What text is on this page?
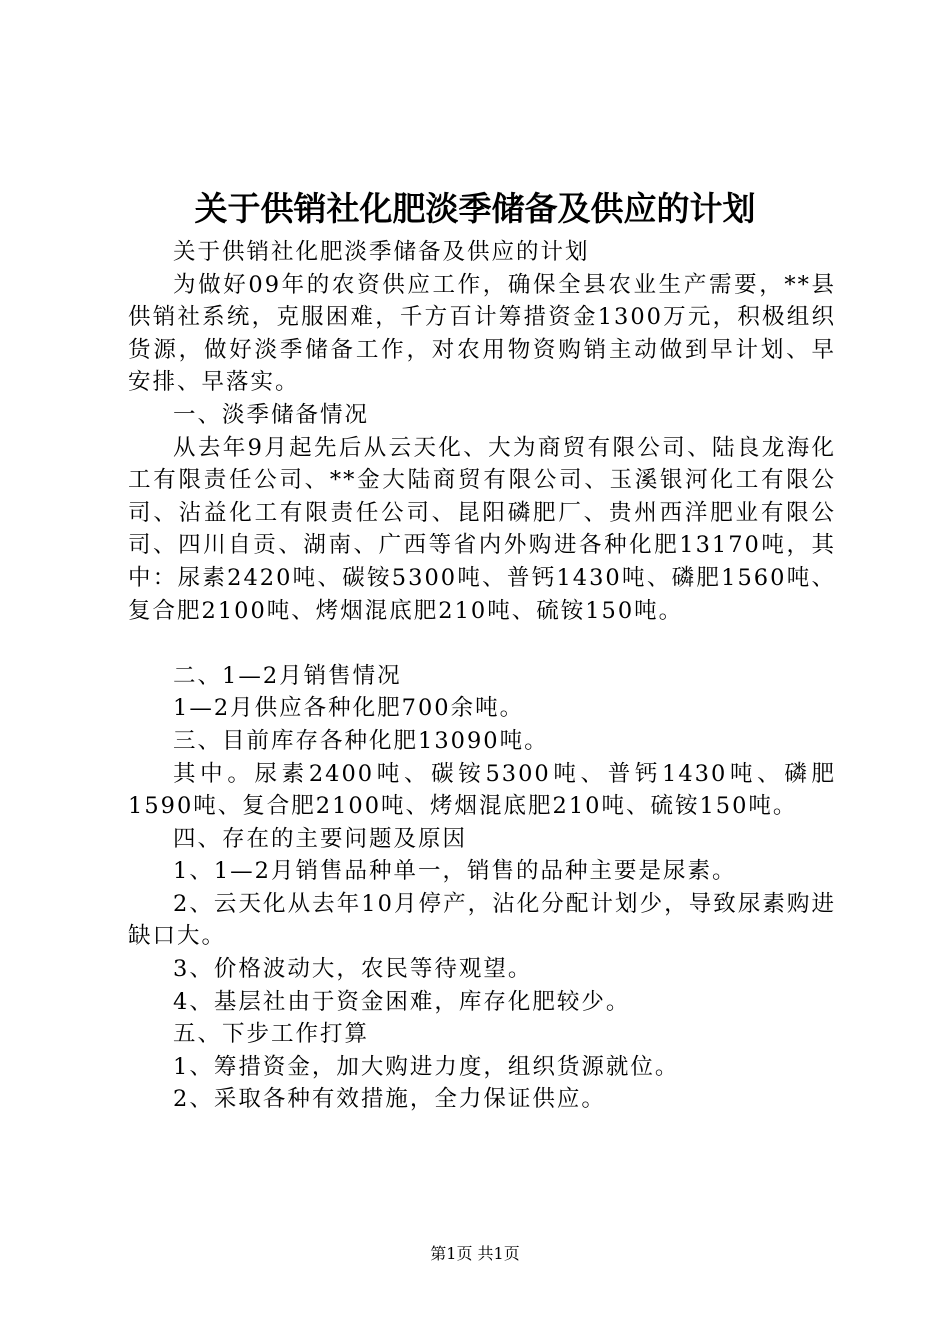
关于供销社化肥淡季储备及供应的计划

关于供销社化肥淡季储备及供应的计划

为做好09年的农资供应工作，确保全县农业生产需要，**县供销社系统，克服困难，千方百计筹措资金1300万元，积极组织货源，做好淡季储备工作，对农用物资购销主动做到早计划、早安排、早落实。

一、淡季储备情况

从去年9月起先后从云天化、大为商贸有限公司、陆良龙海化工有限责任公司、**金大陆商贸有限公司、玉溪银河化工有限公司、沾益化工有限责任公司、昆阳磷肥厂、贵州西洋肥业有限公司、四川自贡、湖南、广西等省内外购进各种化肥13170吨，其中：尿素2420吨、碳铵5300吨、普钙1430吨、磷肥1560吨、复合肥2100吨、烤烟混底肥210吨、硫铵150吨。

二、1—2月销售情况

1—2月供应各种化肥700余吨。

三、目前库存各种化肥13090吨。

其中。尿素2400吨、碳铵5300吨、普钙1430吨、磷肥1590吨、复合肥2100吨、烤烟混底肥210吨、硫铵150吨。

四、存在的主要问题及原因

1、1—2月销售品种单一，销售的品种主要是尿素。

2、云天化从去年10月停产，沾化分配计划少，导致尿素购进缺口大。

3、价格波动大，农民等待观望。

4、基层社由于资金困难，库存化肥较少。

五、下步工作打算

1、筹措资金，加大购进力度，组织货源就位。

2、采取各种有效措施，全力保证供应。

第1页 共1页
